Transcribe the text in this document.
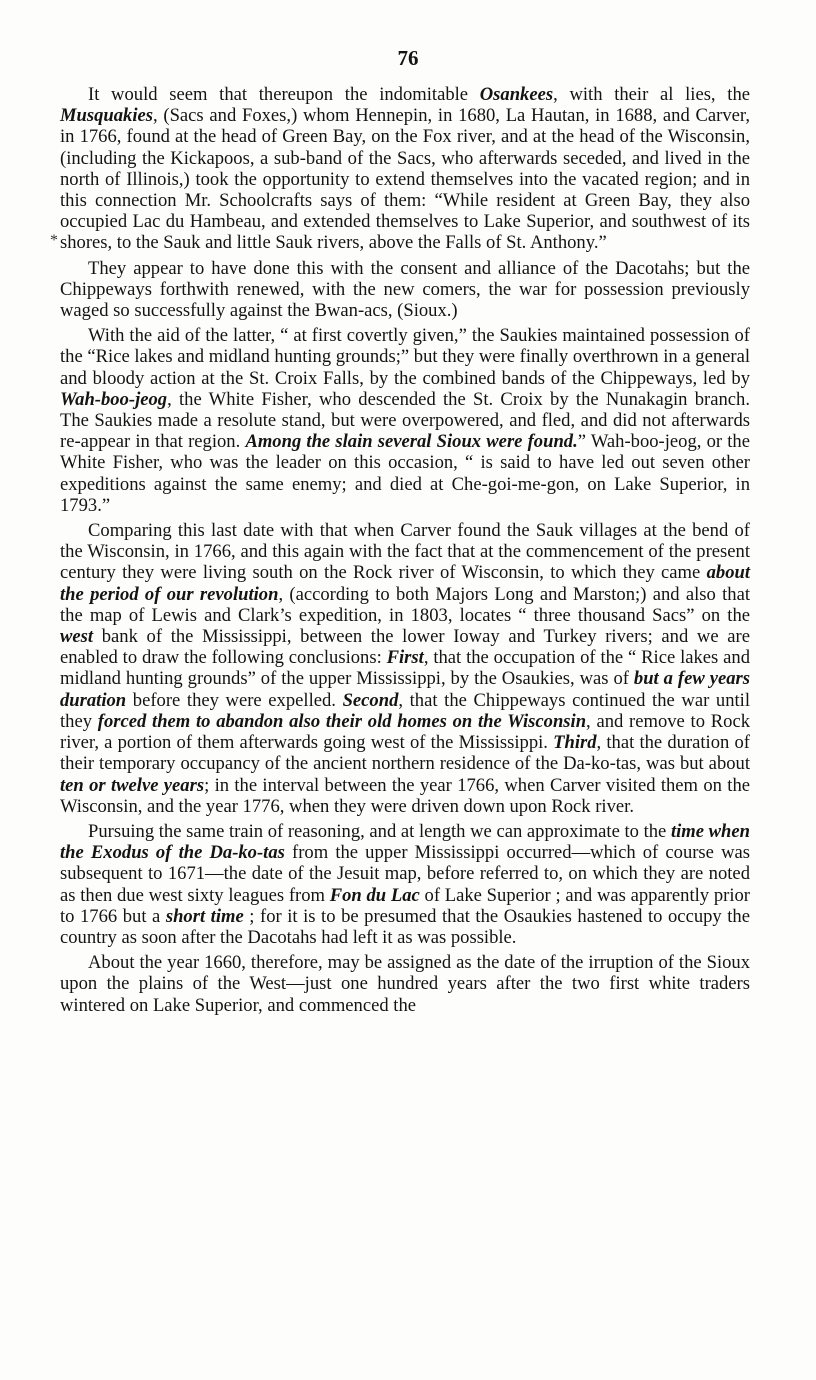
76
*

It would seem that thereupon the indomitable Osankees, with their al lies, the Musquakies, (Sacs and Foxes,) whom Hennepin, in 1680, La Hautan, in 1688, and Carver, in 1766, found at the head of Green Bay, on the Fox river, and at the head of the Wisconsin, (including the Kickapoos, a sub-band of the Sacs, who afterwards seceded, and lived in the north of Illinois,) took the opportunity to extend themselves into the vacated region; and in this connection Mr. Schoolcrafts says of them: “While resident at Green Bay, they also occupied Lac du Hambeau, and extended themselves to Lake Superior, and southwest of its shores, to the Sauk and little Sauk rivers, above the Falls of St. Anthony.”

They appear to have done this with the consent and alliance of the Dacotahs; but the Chippeways forthwith renewed, with the new comers, the war for possession previously waged so successfully against the Bwan-acs, (Sioux.)

With the aid of the latter, “ at first covertly given,” the Saukies maintained possession of the “Rice lakes and midland hunting grounds;” but they were finally overthrown in a general and bloody action at the St. Croix Falls, by the combined bands of the Chippeways, led by Wah-boo-jeog, the White Fisher, who descended the St. Croix by the Nunakagin branch. The Saukies made a resolute stand, but were overpowered, and fled, and did not afterwards re-appear in that region. Among the slain several Sioux were found.” Wah-boo-jeog, or the White Fisher, who was the leader on this occasion, “ is said to have led out seven other expeditions against the same enemy; and died at Che-goi-me-gon, on Lake Superior, in 1793.”

Comparing this last date with that when Carver found the Sauk villages at the bend of the Wisconsin, in 1766, and this again with the fact that at the commencement of the present century they were living south on the Rock river of Wisconsin, to which they came about the period of our revolution, (according to both Majors Long and Marston;) and also that the map of Lewis and Clark’s expedition, in 1803, locates “ three thousand Sacs” on the west bank of the Mississippi, between the lower Ioway and Turkey rivers; and we are enabled to draw the following conclusions: First, that the occupation of the “ Rice lakes and midland hunting grounds” of the upper Mississippi, by the Osaukies, was of but a few years duration before they were expelled. Second, that the Chippeways continued the war until they forced them to abandon also their old homes on the Wisconsin, and remove to Rock river, a portion of them afterwards going west of the Mississippi. Third, that the duration of their temporary occupancy of the ancient northern residence of the Da-ko-tas, was but about ten or twelve years; in the interval between the year 1766, when Carver visited them on the Wisconsin, and the year 1776, when they were driven down upon Rock river.

Pursuing the same train of reasoning, and at length we can approximate to the time when the Exodus of the Da-ko-tas from the upper Mississippi occurred—which of course was subsequent to 1671—the date of the Jesuit map, before referred to, on which they are noted as then due west sixty leagues from Fon du Lac of Lake Superior ; and was apparently prior to 1766 but a short time ; for it is to be presumed that the Osaukies hastened to occupy the country as soon after the Dacotahs had left it as was possible.

About the year 1660, therefore, may be assigned as the date of the irruption of the Sioux upon the plains of the West—just one hundred years after the two first white traders wintered on Lake Superior, and commenced the
